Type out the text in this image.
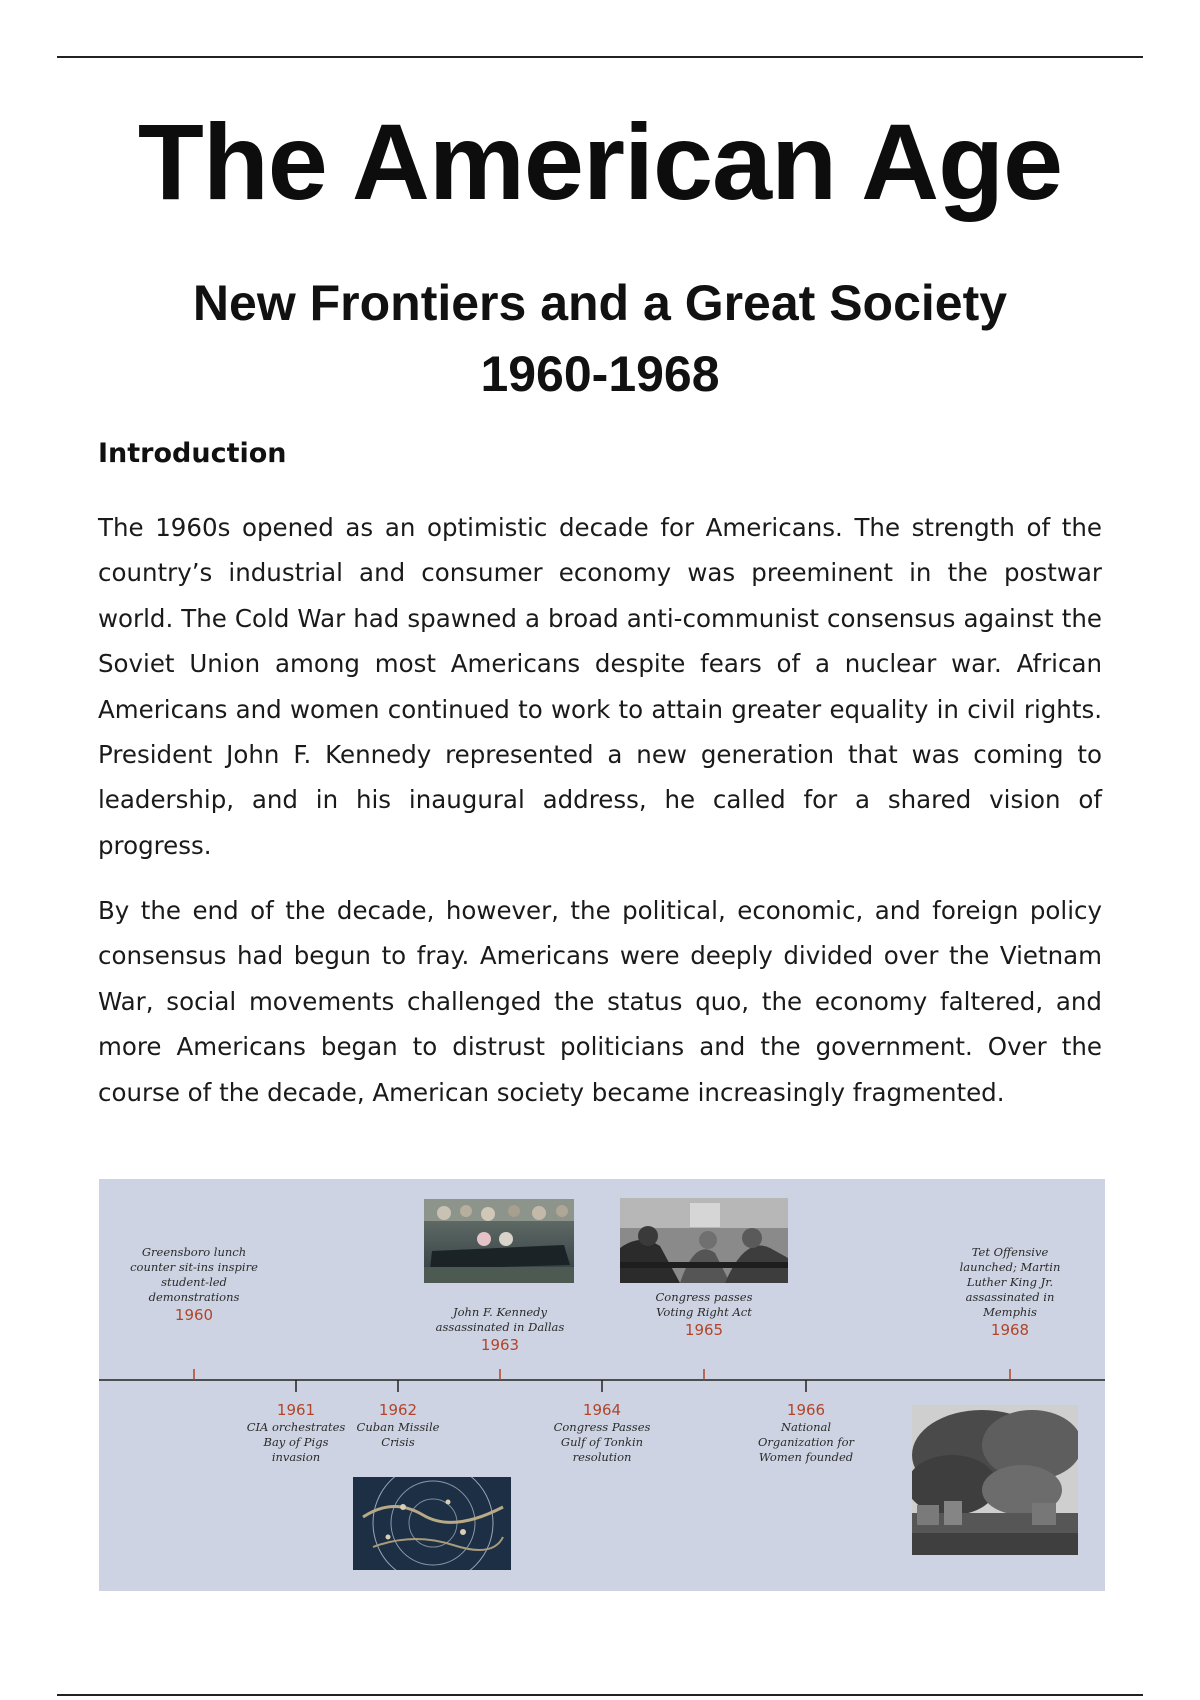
The American Age
New Frontiers and a Great Society
1960-1968
Introduction

The 1960s opened as an optimistic decade for Americans. The strength of the country’s industrial and consumer economy was preeminent in the postwar world. The Cold War had spawned a broad anti-communist consensus against the Soviet Union among most Americans despite fears of a nuclear war. African Americans and women continued to work to attain greater equality in civil rights. President John F. Kennedy represented a new generation that was coming to leadership, and in his inaugural address, he called for a shared vision of progress.

By the end of the decade, however, the political, economic, and foreign policy consensus had begun to fray. Americans were deeply divided over the Vietnam War, social movements challenged the status quo, the economy faltered, and more Americans began to distrust politicians and the government. Over the course of the decade, American society became increasingly fragmented.

Greensboro lunch counter sit-ins inspire student-led demonstrations
1960	John F. Kennedy assassinated in Dallas
1963
Congress passes Voting Right Act
1965
Tet Offensive launched; Martin Luther King Jr. assassinated in Memphis
1968
1961
CIA orchestrates Bay of Pigs invasion
1962
Cuban Missile Crisis
1964
Congress Passes Gulf of Tonkin resolution
1966
National Organization for Women founded
